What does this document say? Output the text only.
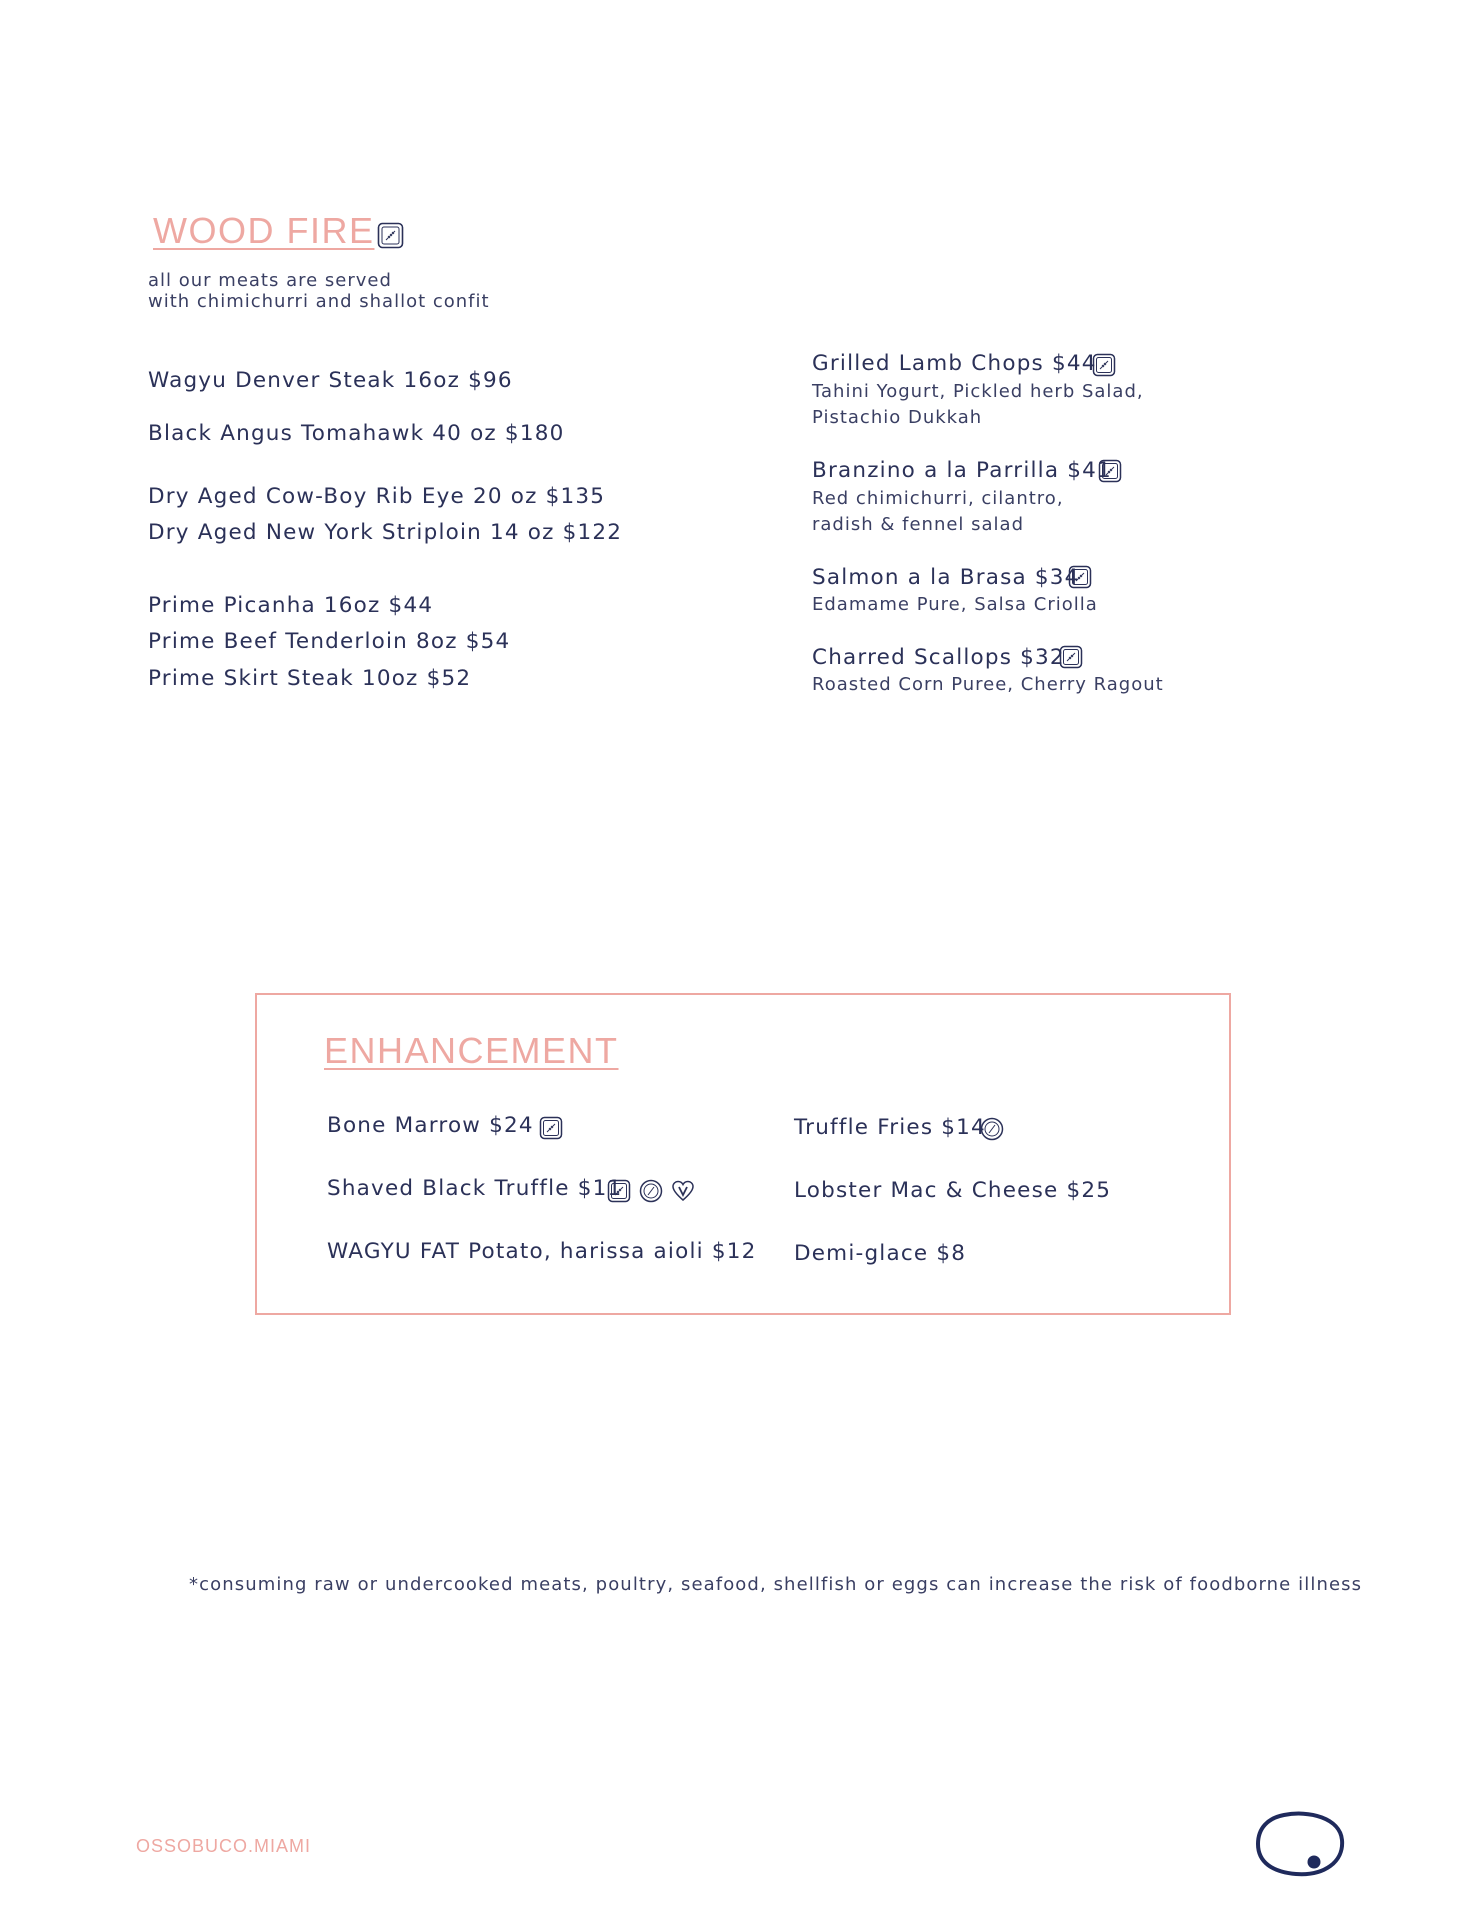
WOOD FIRE
all our meats are served
with chimichurri and shallot confit
Wagyu Denver Steak 16oz $96
Black Angus Tomahawk 40 oz $180
Dry Aged Cow-Boy Rib Eye 20 oz $135
Dry Aged New York Striploin 14 oz $122
Prime Picanha 16oz $44
Prime Beef Tenderloin 8oz $54
Prime Skirt Steak 10oz $52
Grilled Lamb Chops $44
Tahini Yogurt, Pickled herb Salad,
Pistachio Dukkah
Branzino a la Parrilla $41
Red chimichurri, cilantro,
radish & fennel salad
Salmon a la Brasa $34
Edamame Pure, Salsa Criolla
Charred Scallops $32
Roasted Corn Puree, Cherry Ragout
ENHANCEMENT
Bone Marrow $24
Shaved Black Truffle $11
WAGYU FAT Potato, harissa aioli $12
Truffle Fries $14
Lobster Mac & Cheese $25
Demi-glace $8
*consuming raw or undercooked meats, poultry, seafood, shellfish or eggs can increase the risk of foodborne illness
OSSOBUCO.MIAMI
